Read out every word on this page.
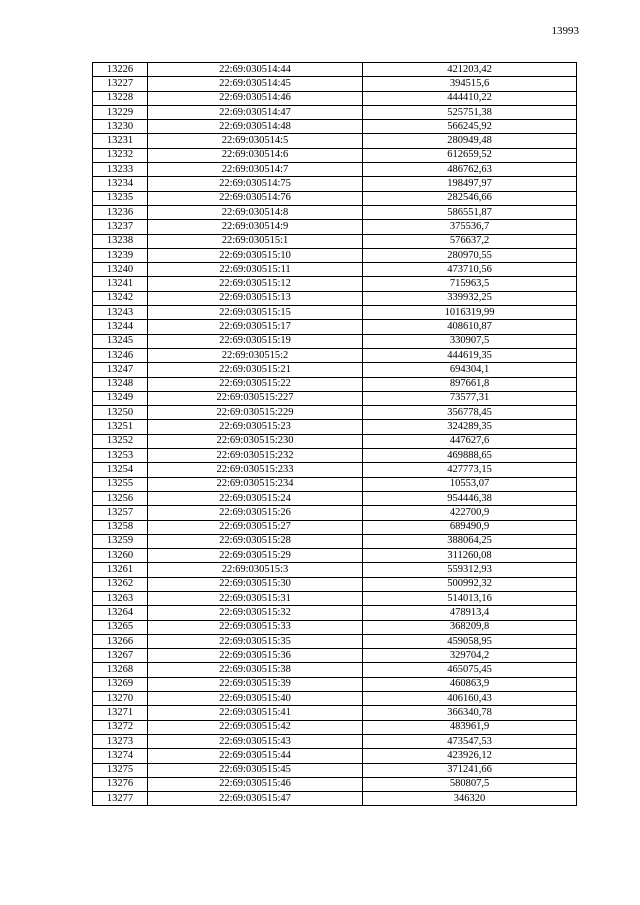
13993
13226	22:69:030514:44	421203,42
13227	22:69:030514:45	394515,6
13228	22:69:030514:46	444410,22
13229	22:69:030514:47	525751,38
13230	22:69:030514:48	566245,92
13231	22:69:030514:5	280949,48
13232	22:69:030514:6	612659,52
13233	22:69:030514:7	486762,63
13234	22:69:030514:75	198497,97
13235	22:69:030514:76	282546,66
13236	22:69:030514:8	586551,87
13237	22:69:030514:9	375536,7
13238	22:69:030515:1	576637,2
13239	22:69:030515:10	280970,55
13240	22:69:030515:11	473710,56
13241	22:69:030515:12	715963,5
13242	22:69:030515:13	339932,25
13243	22:69:030515:15	1016319,99
13244	22:69:030515:17	408610,87
13245	22:69:030515:19	330907,5
13246	22:69:030515:2	444619,35
13247	22:69:030515:21	694304,1
13248	22:69:030515:22	897661,8
13249	22:69:030515:227	73577,31
13250	22:69:030515:229	356778,45
13251	22:69:030515:23	324289,35
13252	22:69:030515:230	447627,6
13253	22:69:030515:232	469888,65
13254	22:69:030515:233	427773,15
13255	22:69:030515:234	10553,07
13256	22:69:030515:24	954446,38
13257	22:69:030515:26	422700,9
13258	22:69:030515:27	689490,9
13259	22:69:030515:28	388064,25
13260	22:69:030515:29	311260,08
13261	22:69:030515:3	559312,93
13262	22:69:030515:30	500992,32
13263	22:69:030515:31	514013,16
13264	22:69:030515:32	478913,4
13265	22:69:030515:33	368209,8
13266	22:69:030515:35	459058,95
13267	22:69:030515:36	329704,2
13268	22:69:030515:38	465075,45
13269	22:69:030515:39	460863,9
13270	22:69:030515:40	406160,43
13271	22:69:030515:41	366340,78
13272	22:69:030515:42	483961,9
13273	22:69:030515:43	473547,53
13274	22:69:030515:44	423926,12
13275	22:69:030515:45	371241,66
13276	22:69:030515:46	580807,5
13277	22:69:030515:47	346320
